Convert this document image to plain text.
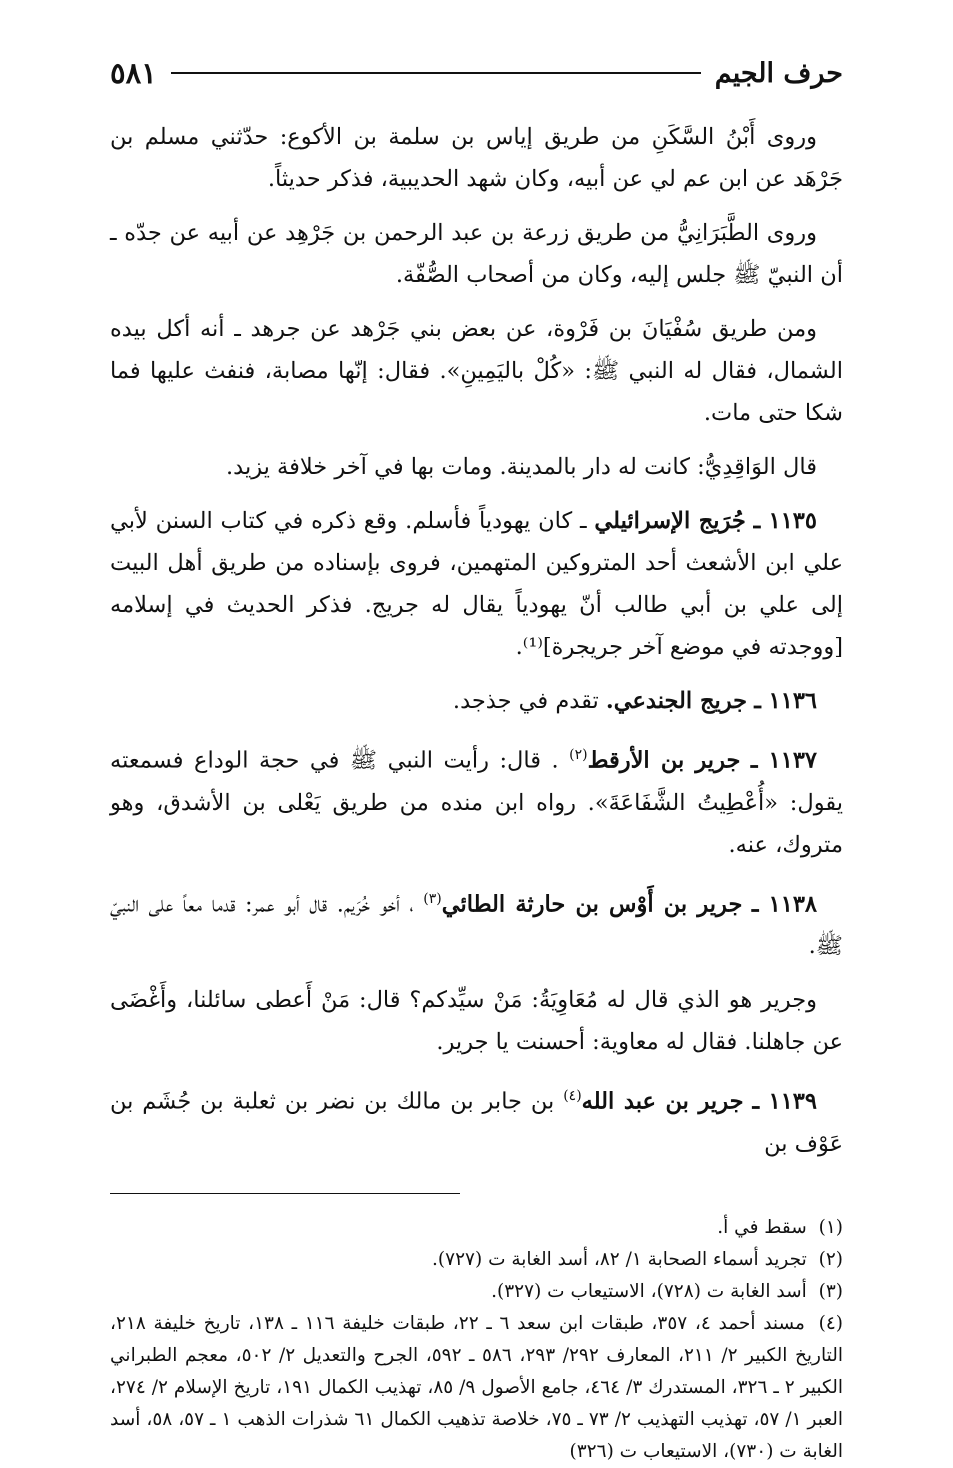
حرف الجيم
٥٨١

وروى أَبْنُ السَّكَنِ من طريق إياس بن سلمة بن الأكوع: حدّثني مسلم بن جَرْهَد عن ابن عم لي عن أبيه، وكان شهد الحديبية، فذكر حديثاً.

وروى الطَّبَرَانِيُّ من طريق زرعة بن عبد الرحمن بن جَرْهِد عن أبيه عن جدّه ـ أن النبيّ ﷺ جلس إليه، وكان من أصحاب الصُّفّة.

ومن طريق سُفْيَانَ بن فَرْوة، عن بعض بني جَرْهد عن جرهد ـ أنه أكل بيده الشمال، فقال له النبي ﷺ: «كُلْ باليَمِينِ». فقال: إنّها مصابة، فنفث عليها فما شكا حتى مات.

قال الوَاقِدِيُّ: كانت له دار بالمدينة. ومات بها في آخر خلافة يزيد.

١١٣٥ ـ جُرَيج الإسرائيلي ـ كان يهودياً فأسلم. وقع ذكره في كتاب السنن لأبي علي ابن الأشعث أحد المتروكين المتهمين، فروى بإسناده من طريق أهل البيت إلى علي بن أبي طالب أنّ يهودياً يقال له جريج. فذكر الحديث في إسلامه [ووجدته في موضع آخر جريجرة]⁽¹⁾.

١١٣٦ ـ جريج الجندعي. تقدم في جذجد.

١١٣٧ ـ جرير بن الأرقط$^{(٢)}$ . قال: رأيت النبي ﷺ في حجة الوداع فسمعته يقول: «أُعْطِيتُ الشَّفَاعَةَ». رواه ابن منده من طريق يَعْلى بن الأشدق، وهو متروك، عنه.

١١٣٨ ـ جرير بن أَوْس بن حارثة الطائي$^{(٣)}$ ، أخو خُرَيم. قال أبو عمر: قدما معاً على النبيّ ﷺ.

وجرير هو الذي قال له مُعَاوِيَةُ: مَنْ سيِّدكم؟ قال: مَنْ أَعطى سائلنا، وأَغْضَى عن جاهلنا. فقال له معاوية: أحسنت يا جرير.

١١٣٩ ـ جرير بن عبد الله$^{(٤)}$ بن جابر بن مالك بن نضر بن ثعلبة بن جُشَم بن عَوْف بن

(١) سقط في أ.

(٢) تجريد أسماء الصحابة ١/ ٨٢، أسد الغابة ت (٧٢٧).

(٣) أسد الغابة ت (٧٢٨)، الاستيعاب ت (٣٢٧).

(٤) مسند أحمد ٤، ٣٥٧، طبقات ابن سعد ٦ ـ ٢٢، طبقات خليفة ١١٦ ـ ١٣٨، تاريخ خليفة ٢١٨، التاريخ الكبير ٢/ ٢١١، المعارف ٢٩٢/ ٢٩٣، ٥٨٦ ـ ٥٩٢، الجرح والتعديل ٢/ ٥٠٢، معجم الطبراني الكبير ٢ ـ ٣٢٦، المستدرك ٣/ ٤٦٤، جامع الأصول ٩/ ٨٥، تهذيب الكمال ١٩١، تاريخ الإسلام ٢/ ٢٧٤، العبر ١/ ٥٧، تهذيب التهذيب ٢/ ٧٣ ـ ٧٥، خلاصة تذهيب الكمال ٦١ شذرات الذهب ١ ـ ٥٧، ٥٨، أسد الغابة ت (٧٣٠)، الاستيعاب ت (٣٢٦)
